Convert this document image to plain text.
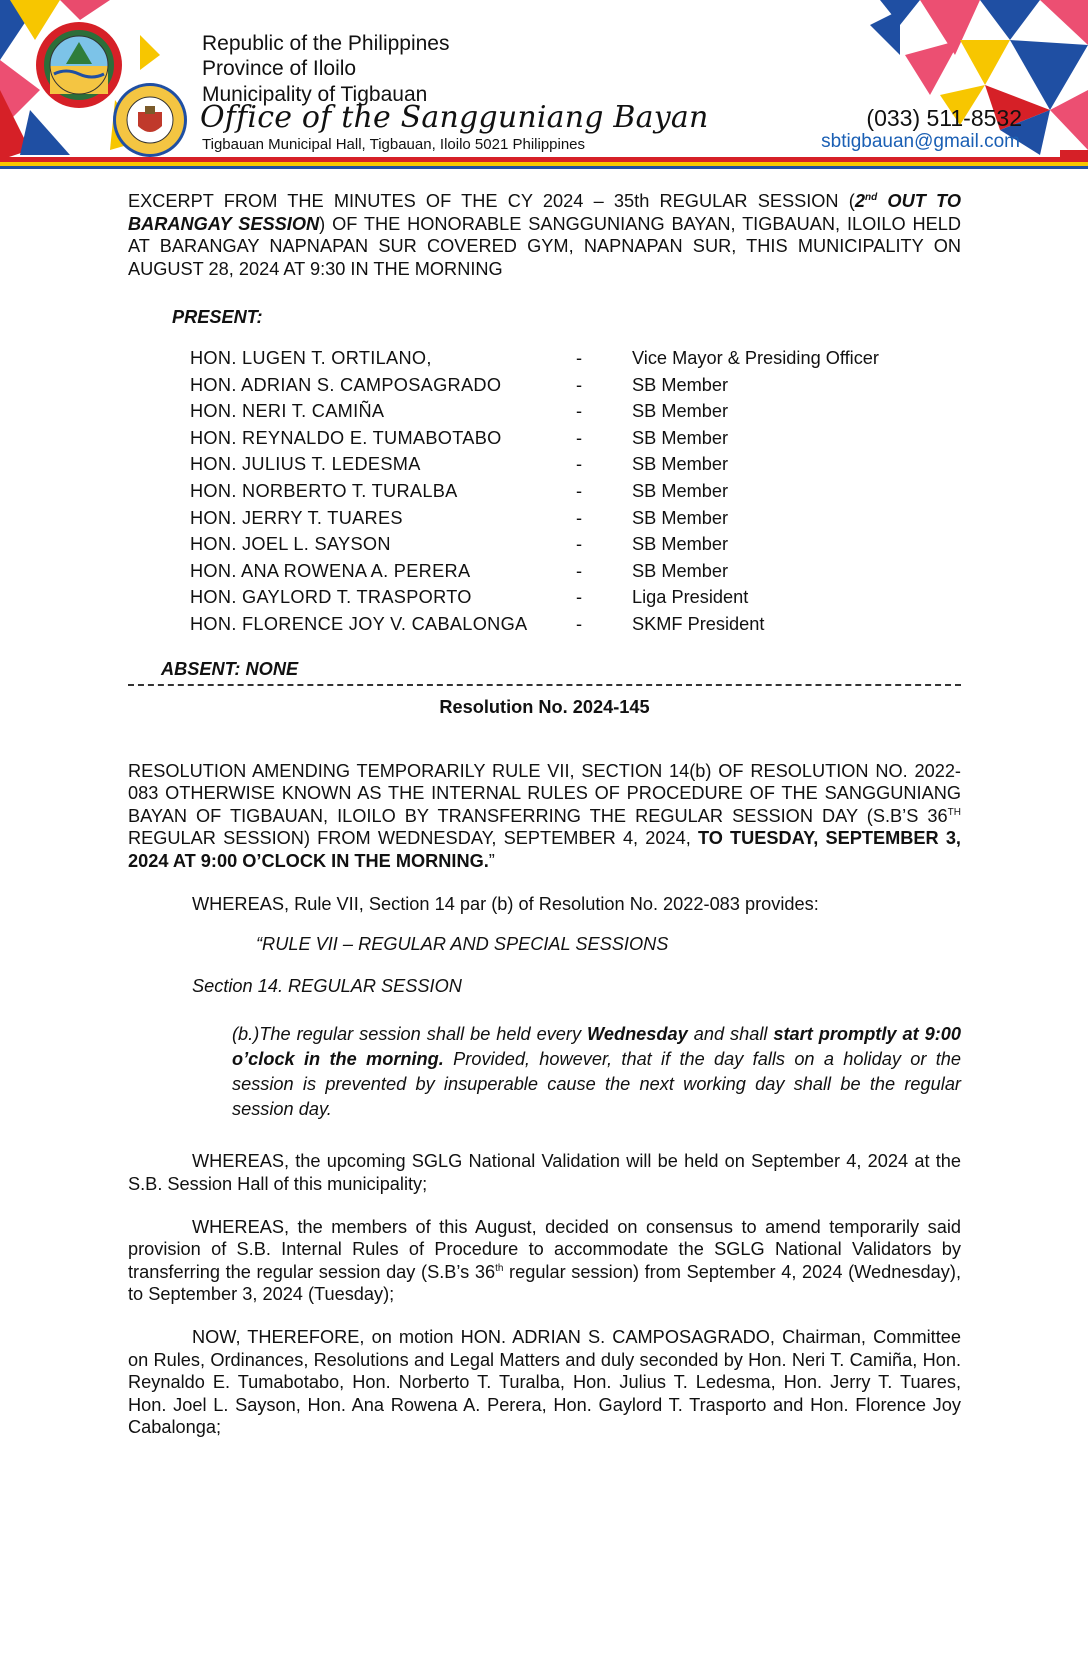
Republic of the Philippines
Province of Iloilo
Municipality of Tigbauan
Office of the Sangguniang Bayan
Tigbauan Municipal Hall, Tigbauan, Iloilo 5021 Philippines
(033) 511-8532
sbtigbauan@gmail.com

EXCERPT FROM THE MINUTES OF THE CY 2024 – 35th REGULAR SESSION (2nd OUT TO BARANGAY SESSION) OF THE HONORABLE SANGGUNIANG BAYAN, TIGBAUAN, ILOILO HELD AT BARANGAY NAPNAPAN SUR COVERED GYM, NAPNAPAN SUR, THIS MUNICIPALITY ON AUGUST 28, 2024 AT 9:30 IN THE MORNING

PRESENT:
HON. LUGEN T. ORTILANO,	-	Vice Mayor & Presiding Officer
HON. ADRIAN S. CAMPOSAGRADO	-	SB Member
HON. NERI T. CAMIÑA	-	SB Member
HON. REYNALDO E. TUMABOTABO	-	SB Member
HON. JULIUS T. LEDESMA	-	SB Member
HON. NORBERTO T. TURALBA	-	SB Member
HON. JERRY T. TUARES	-	SB Member
HON. JOEL L. SAYSON	-	SB Member
HON. ANA ROWENA A. PERERA	-	SB Member
HON. GAYLORD T. TRASPORTO	-	Liga President
HON. FLORENCE JOY V. CABALONGA	-	SKMF President
ABSENT: NONE
Resolution No. 2024-145

RESOLUTION AMENDING TEMPORARILY RULE VII, SECTION 14(b) OF RESOLUTION NO. 2022-083 OTHERWISE KNOWN AS THE INTERNAL RULES OF PROCEDURE OF THE SANGGUNIANG BAYAN OF TIGBAUAN, ILOILO BY TRANSFERRING THE REGULAR SESSION DAY (S.B’S 36TH REGULAR SESSION) FROM WEDNESDAY, SEPTEMBER 4, 2024, TO TUESDAY, SEPTEMBER 3, 2024 AT 9:00 O’CLOCK IN THE MORNING.”

WHEREAS, Rule VII, Section 14 par (b) of Resolution No. 2022-083 provides:

“RULE VII – REGULAR AND SPECIAL SESSIONS
Section 14. REGULAR SESSION

(b.)The regular session shall be held every Wednesday and shall start promptly at 9:00 o’clock in the morning. Provided, however, that if the day falls on a holiday or the session is prevented by insuperable cause the next working day shall be the regular session day.

WHEREAS, the upcoming SGLG National Validation will be held on September 4, 2024 at the S.B. Session Hall of this municipality;

WHEREAS, the members of this August, decided on consensus to amend temporarily said provision of S.B. Internal Rules of Procedure to accommodate the SGLG National Validators by transferring the regular session day (S.B’s 36th regular session) from September 4, 2024 (Wednesday), to September 3, 2024 (Tuesday);

NOW, THEREFORE, on motion HON. ADRIAN S. CAMPOSAGRADO, Chairman, Committee on Rules, Ordinances, Resolutions and Legal Matters and duly seconded by Hon. Neri T. Camiña, Hon. Reynaldo E. Tumabotabo, Hon. Norberto T. Turalba, Hon. Julius T. Ledesma, Hon. Jerry T. Tuares, Hon. Joel L. Sayson, Hon. Ana Rowena A. Perera, Hon. Gaylord T. Trasporto and Hon. Florence Joy Cabalonga;
